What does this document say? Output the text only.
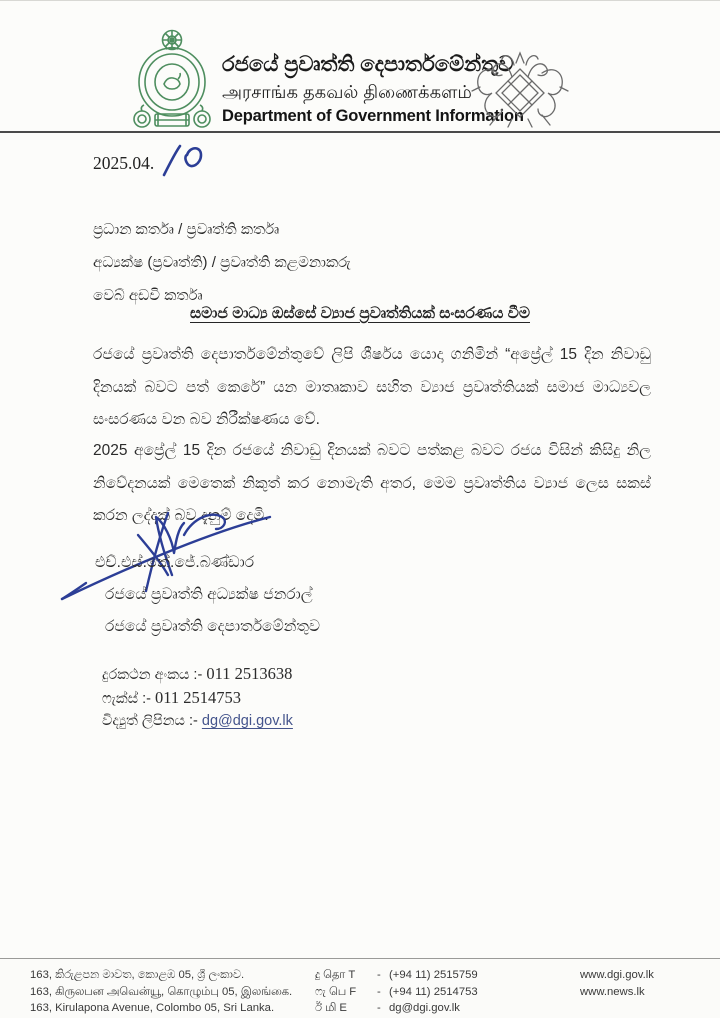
රජයේ ප්‍රවෘත්ති දෙපාර්තමේන්තුව
அரசாங்க தகவல் திணைக்களம்
Department of Government Information
2025.04.
ප්‍රධාන කර්තෘ / ප්‍රවෘත්ති කර්තෘ
අධ්‍යක්ෂ (ප්‍රවෘත්ති) / ප්‍රවෘත්ති කළමනාකරු
වෙබ් අඩවි කර්තෘ
සමාජ මාධ්‍ය ඔස්සේ ව්‍යාජ ප්‍රවෘත්තියක් සංසරණය වීම
රජයේ ප්‍රවෘත්ති දෙපාර්තමේන්තුවේ ලිපි ශීර්ෂය යොදා ගනිමින් “අප්‍රේල් 15 දින නිවාඩු දිනයක් බවට පත් කෙරේ” යන මාතෘකාව සහිත ව්‍යාජ ප්‍රවෘත්තියක් සමාජ මාධ්‍යවල සංසරණය වන බව නිරීක්ෂණය වේ.
2025 අප්‍රේල් 15 දින රජයේ නිවාඩු දිනයක් බවට පත්කළ බවට රජය විසින් කිසිදු නිල නිවේදනයක් මෙතෙක් නිකුත් කර නොමැති අතර, මෙම ප්‍රවෘත්තිය ව්‍යාජ ලෙස සකස් කරන ලද්දක් බව දැනුම් දෙමි.
එච්.එස්.කේ.ජේ.බණ්ඩාර
රජයේ ප්‍රවෘත්ති අධ්‍යක්ෂ ජනරාල්
රජයේ ප්‍රවෘත්ති දෙපාර්තමේන්තුව
දුරකථන අංකය :- 011 2513638
ෆැක්ස් :- 011 2514753
විද්‍යුත් ලිපිනය :- dg@dgi.gov.lk
163, කිරුළපන මාවත, කොළඹ 05, ශ්‍රී ලංකාව.
163, கிருலபன அவென்யூ, கொழும்பு 05, இலங்கை.
163, Kirulapona Avenue, Colombo 05, Sri Lanka.
දු தொ T	- (+94 11) 2515759
ෆැ பெ F	- (+94 11) 2514753
ඊ மி E	- dg@dgi.gov.lk
www.dgi.gov.lk
www.news.lk
